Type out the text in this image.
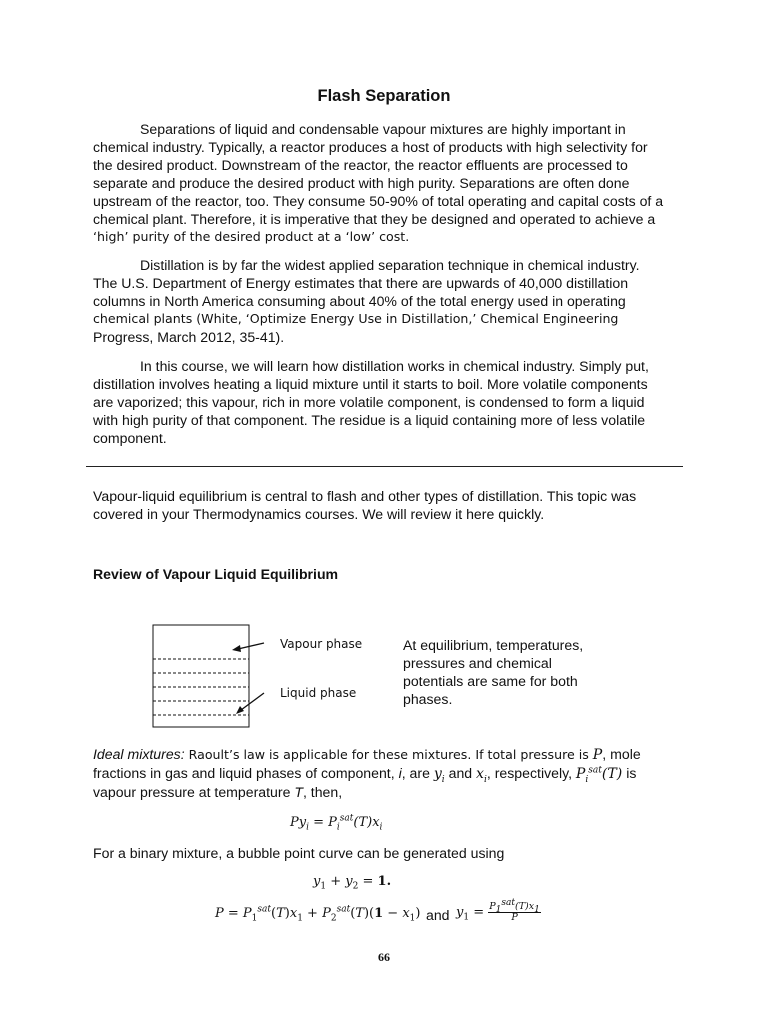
Flash Separation
Separations of liquid and condensable vapour mixtures are highly important in
chemical industry. Typically, a reactor produces a host of products with high selectivity for
the desired product. Downstream of the reactor, the reactor effluents are processed to
separate and produce the desired product with high purity. Separations are often done
upstream of the reactor, too. They consume 50-90% of total operating and capital costs of a
chemical plant. Therefore, it is imperative that they be designed and operated to achieve a
‘high’ purity of the desired product at a ‘low’ cost.
Distillation is by far the widest applied separation technique in chemical industry.
The U.S. Department of Energy estimates that there are upwards of 40,000 distillation
columns in North America consuming about 40% of the total energy used in operating
chemical plants (White, ‘Optimize Energy Use in Distillation,’ Chemical Engineering
Progress, March 2012, 35-41).
In this course, we will learn how distillation works in chemical industry. Simply put,
distillation involves heating a liquid mixture until it starts to boil. More volatile components
are vaporized; this vapour, rich in more volatile component, is condensed to form a liquid
with high purity of that component. The residue is a liquid containing more of less volatile
component.
Vapour-liquid equilibrium is central to flash and other types of distillation. This topic was
covered in your Thermodynamics courses. We will review it here quickly.
Review of Vapour Liquid Equilibrium
Vapour phase
Liquid phase
At equilibrium, temperatures,
pressures and chemical
potentials are same for both
phases.
Ideal mixtures: Raoult’s law is applicable for these mixtures. If total pressure is P, mole
fractions in gas and liquid phases of component, i, are $y_i$ and $x_i$, respectively, $P_i^{sat}(T)$ is
vapour pressure at temperature T, then,
$Py_i = P_i^{sat}(T)x_i$
For a binary mixture, a bubble point curve can be generated using
$y_1 + y_2 = 1$.
$P = P_1^{sat}(T)x_1 + P_2^{sat}(T)(1 - x_1)$ and $y_1 = \frac{P_1^{sat}(T)x_1}{P}$
66
